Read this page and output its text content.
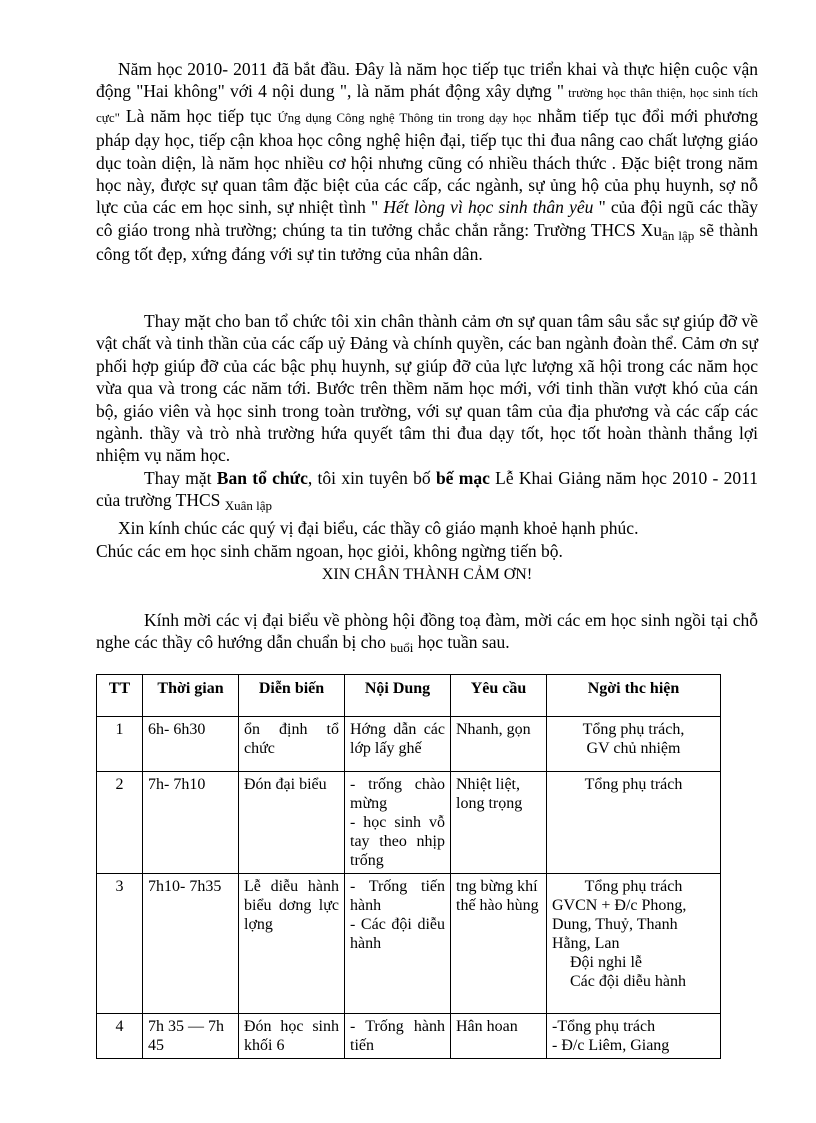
Năm học 2010- 2011 đã bắt đầu. Đây là năm học tiếp tục triển khai và thực hiện cuộc vận động "Hai không" với 4 nội dung ", là năm phát động xây dựng " trường học thân thiện, học sinh tích cực" Là năm học tiếp tục Ứng dụng Công nghệ Thông tin trong dạy học nhằm tiếp tục đổi mới phương pháp dạy học, tiếp cận khoa học công nghệ hiện đại, tiếp tục thi đua nâng cao chất lượng giáo dục toàn diện, là năm học nhiều cơ hội nhưng cũng có nhiều thách thức . Đặc biệt trong năm học này, được sự quan tâm đặc biệt của các cấp, các ngành, sự ủng hộ của phụ huynh, sợ nỗ lực của các em học sinh, sự nhiệt tình " Hết lòng vì học sinh thân yêu " của đội ngũ các thầy cô giáo trong nhà trường; chúng ta tin tưởng chắc chắn rằng: Trường THCS $Xu_{ân lập}$ sẽ thành công tốt đẹp, xứng đáng với sự tin tưởng của nhân dân.

Thay mặt cho ban tổ chức tôi xin chân thành cảm ơn sự quan tâm sâu sắc sự giúp đỡ về vật chất và tinh thần của các cấp uỷ Đảng và chính quyền, các ban ngành đoàn thể. Cảm ơn sự phối hợp giúp đỡ của các bậc phụ huynh, sự giúp đỡ của lực lượng xã hội trong các năm học vừa qua và trong các năm tới. Bước trên thềm năm học mới, với tinh thần vượt khó của cán bộ, giáo viên và học sinh trong toàn trường, với sự quan tâm của địa phương và các cấp các ngành. thầy và trò nhà trường hứa quyết tâm thi đua dạy tốt, học tốt hoàn thành thắng lợi nhiệm vụ năm học.

Thay mặt Ban tổ chức, tôi xin tuyên bố bế mạc Lễ Khai Giảng năm học 2010 - 2011 của trường THCS $_{Xuân lập}$

Xin kính chúc các quý vị đại biểu, các thầy cô giáo mạnh khoẻ hạnh phúc.

Chúc các em học sinh chăm ngoan, học giỏi, không ngừng tiến bộ.

XIN CHÂN THÀNH CẢM ƠN!

Kính mời các vị đại biểu về phòng hội đồng toạ đàm, mời các em học sinh ngồi tại chỗ nghe các thầy cô hướng dẫn chuẩn bị cho $_{buổi}$ học tuần sau.

TT	Thời gian	Diễn biến	Nội Dung	Yêu cầu	Ngời thc hiện
1	6h- 6h30	ổn định tổ chức	Hớng dẫn các lớp lấy ghế	Nhanh, gọn	Tổng phụ trách,
GV chủ nhiệm

2	7h- 7h10	Đón đại biểu	- trống chào mừng
- học sinh vỗ tay theo nhịp trống	Nhiệt liệt, long trọng	Tổng phụ trách

3	7h10- 7h35	Lễ diễu hành biểu dơng lực lợng	- Trống tiến hành
- Các đội diễu hành	tng bừng khí thế hào hùng	Tổng phụ trách
GVCN + Đ/c Phong, Dung, Thuỷ, Thanh Hằng, Lan
Đội nghi lễ
Các đội diễu hành

4	7h 35 — 7h 45	Đón học sinh khối 6	- Trống hành tiến	Hân hoan	-Tổng phụ trách
- Đ/c Liêm, Giang
